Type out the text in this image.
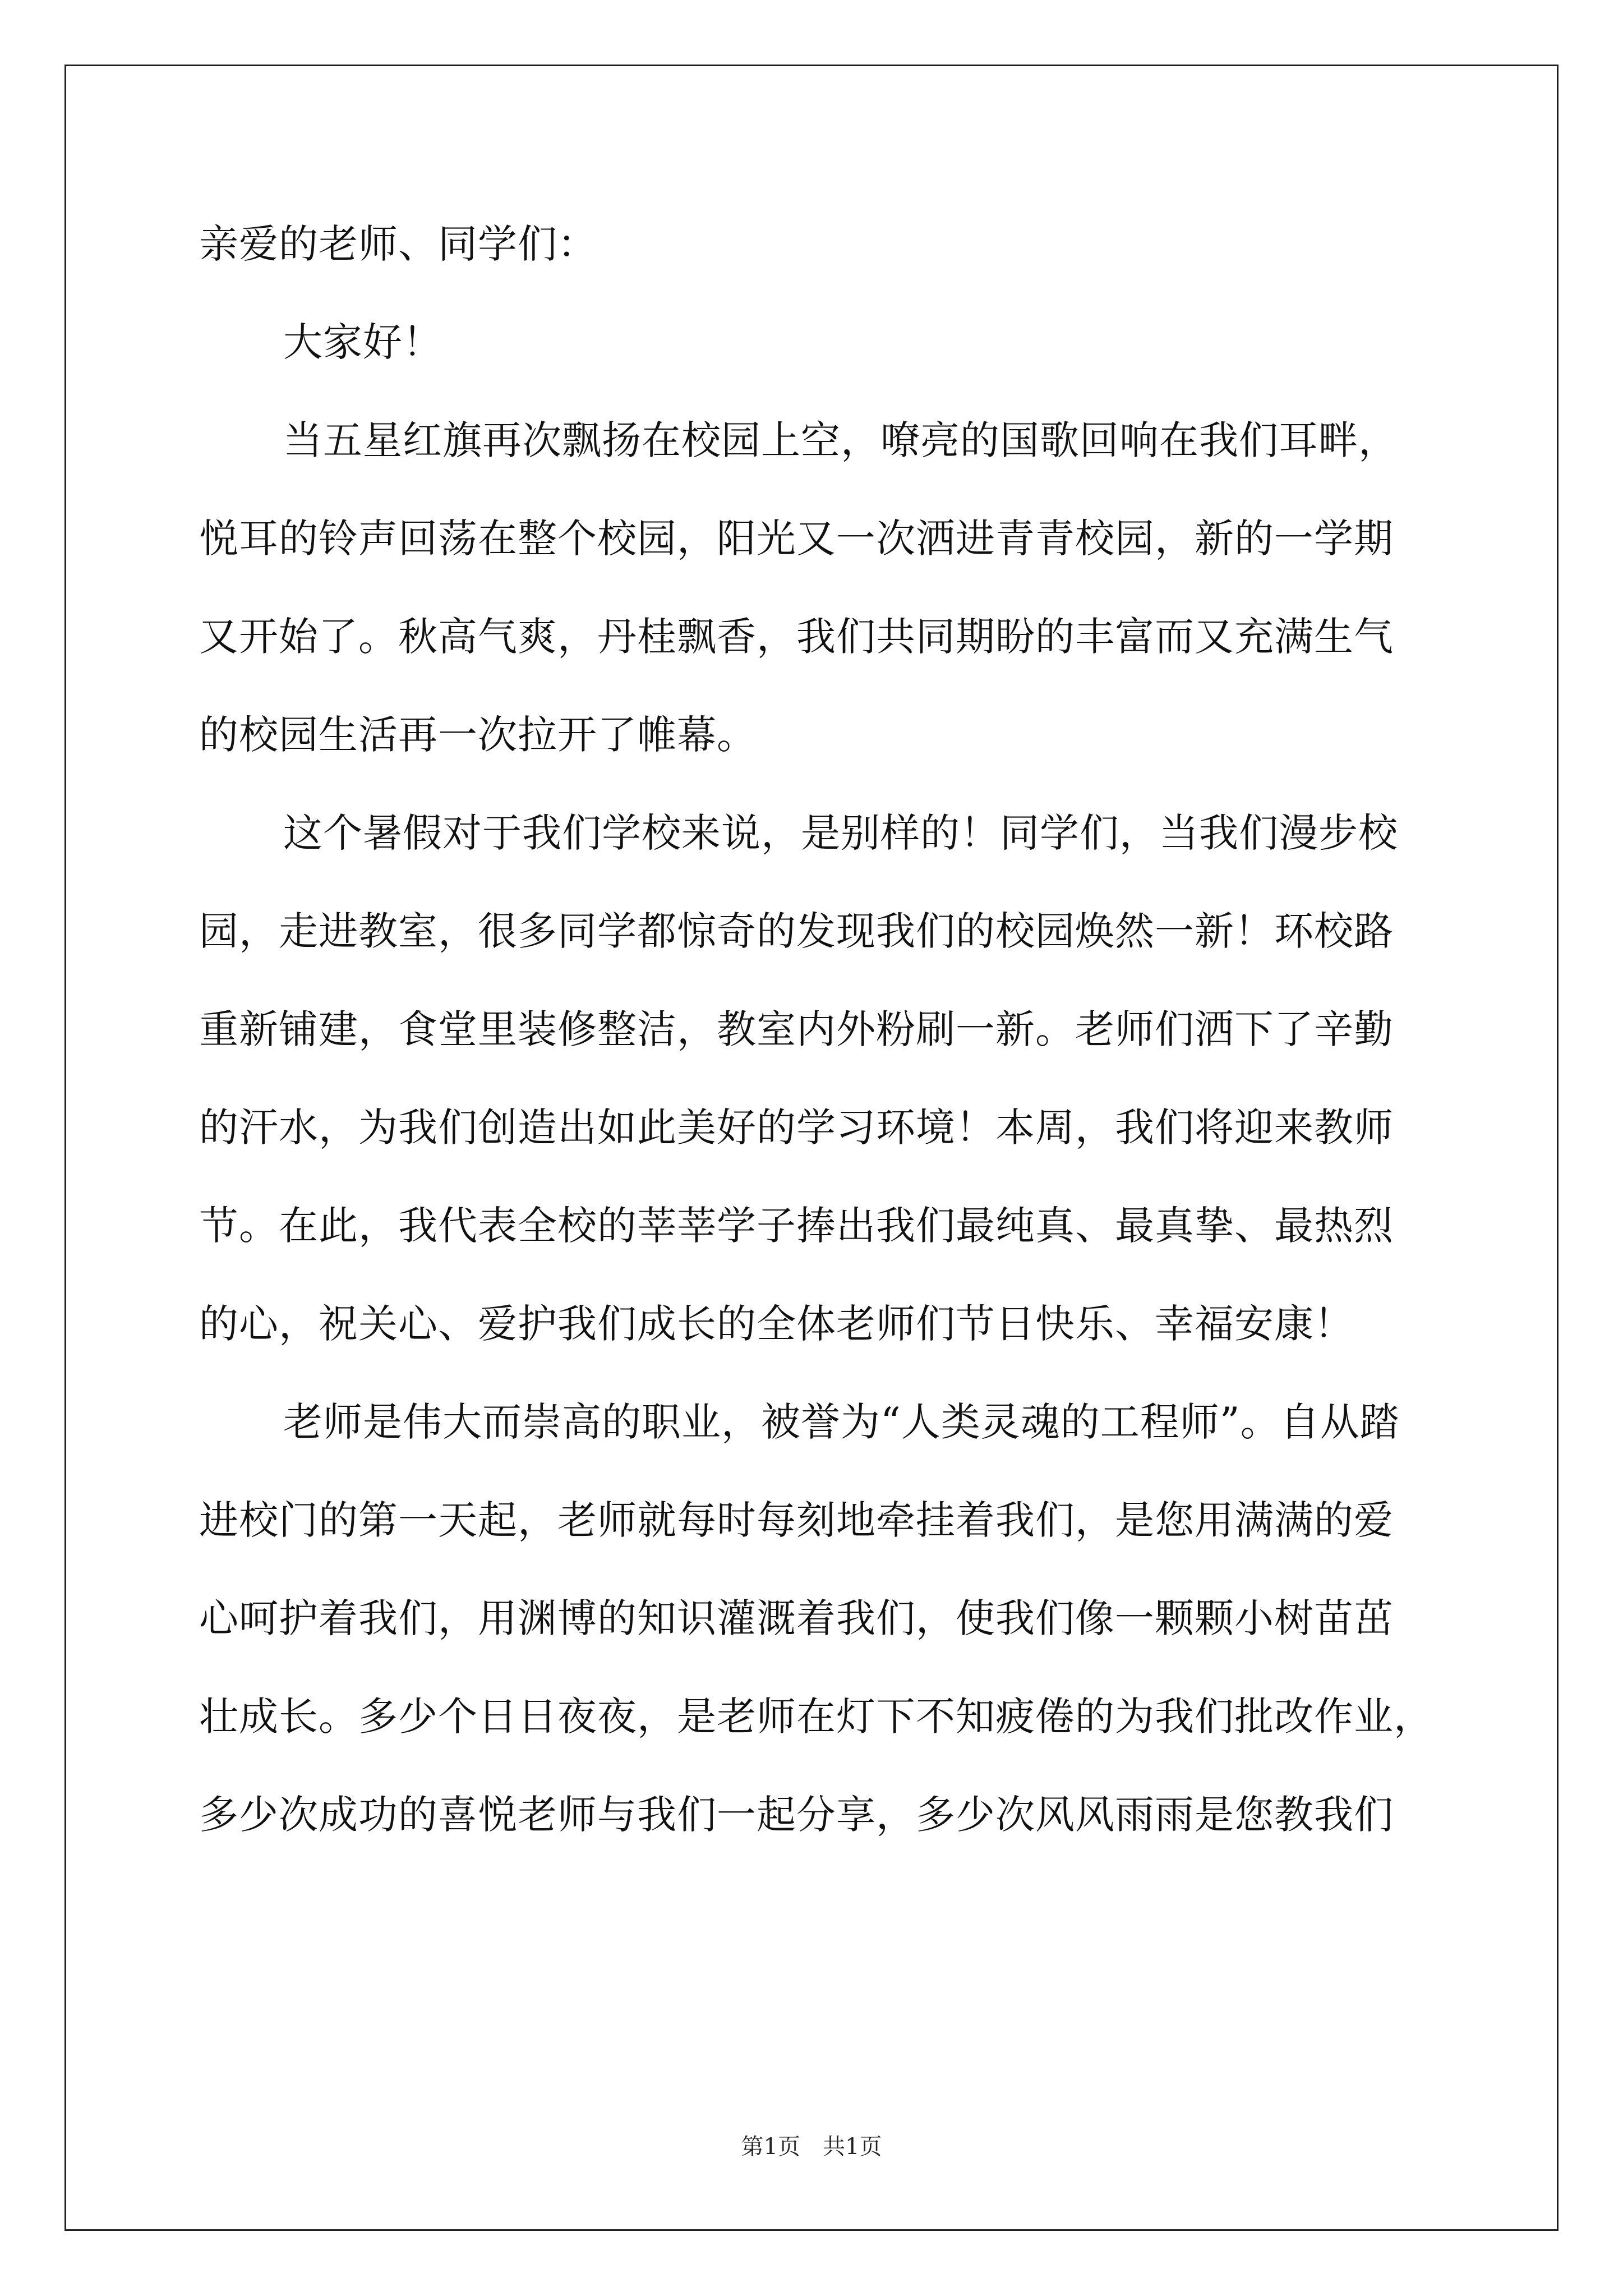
亲爱的老师、同学们：
大家好！
当五星红旗再次飘扬在校园上空，嘹亮的国歌回响在我们耳畔，
悦耳的铃声回荡在整个校园，阳光又一次洒进青青校园，新的一学期
又开始了。秋高气爽，丹桂飘香，我们共同期盼的丰富而又充满生气
的校园生活再一次拉开了帷幕。
这个暑假对于我们学校来说，是别样的！同学们，当我们漫步校
园，走进教室，很多同学都惊奇的发现我们的校园焕然一新！环校路
重新铺建，食堂里装修整洁，教室内外粉刷一新。老师们洒下了辛勤
的汗水，为我们创造出如此美好的学习环境！本周，我们将迎来教师
节。在此，我代表全校的莘莘学子捧出我们最纯真、最真挚、最热烈
的心，祝关心、爱护我们成长的全体老师们节日快乐、幸福安康！
老师是伟大而崇高的职业，被誉为“人类灵魂的工程师”。自从踏
进校门的第一天起，老师就每时每刻地牵挂着我们，是您用满满的爱
心呵护着我们，用渊博的知识灌溉着我们，使我们像一颗颗小树苗茁
壮成长。多少个日日夜夜，是老师在灯下不知疲倦的为我们批改作业，
多少次成功的喜悦老师与我们一起分享，多少次风风雨雨是您教我们
第1页　共1页
